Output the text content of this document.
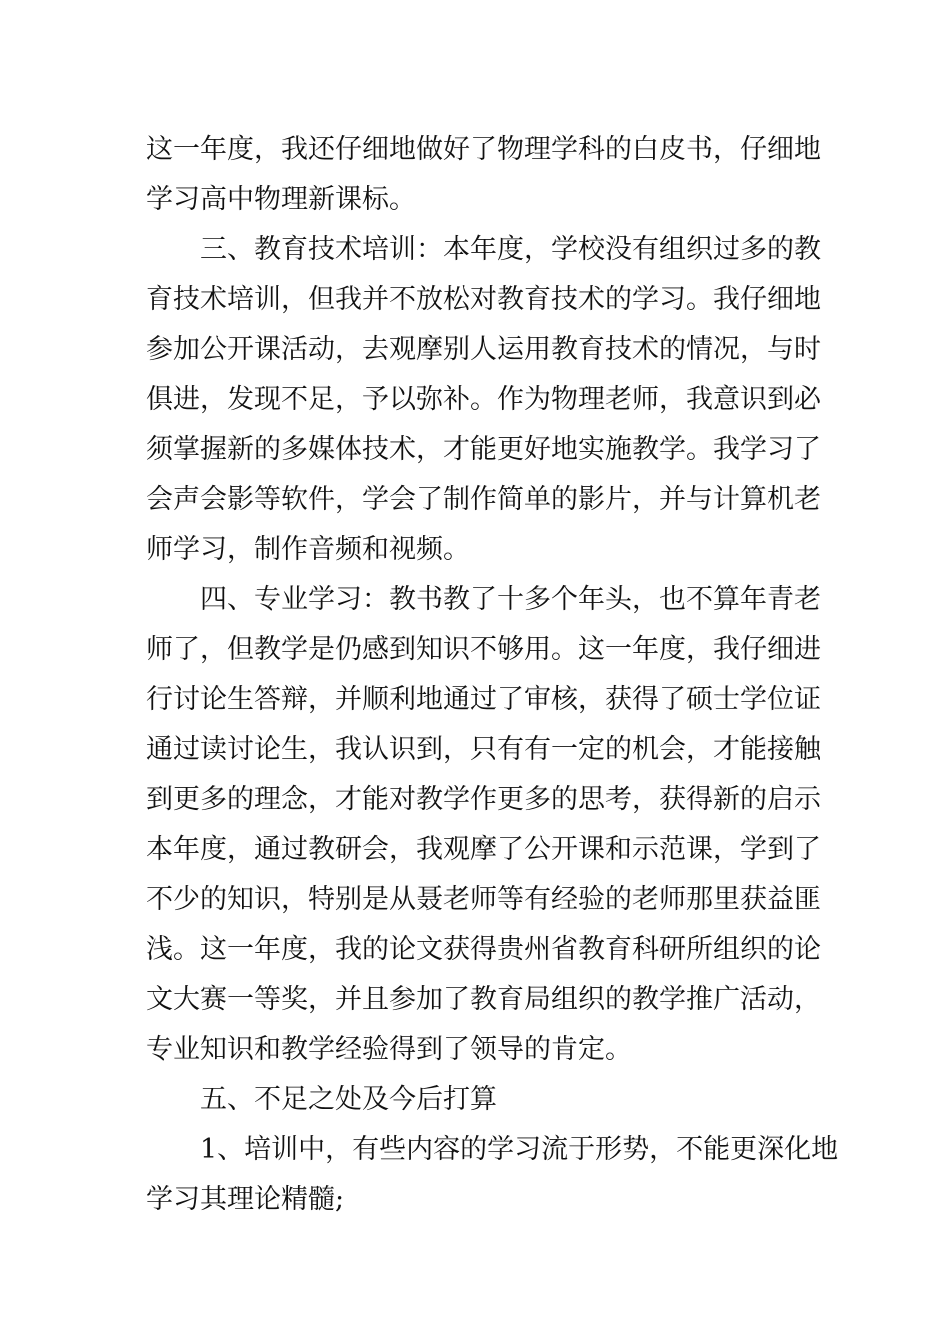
这一年度，我还仔细地做好了物理学科的白皮书，仔细地
学习高中物理新课标。
三、教育技术培训：本年度，学校没有组织过多的教
育技术培训，但我并不放松对教育技术的学习。我仔细地
参加公开课活动，去观摩别人运用教育技术的情况，与时
俱进，发现不足，予以弥补。作为物理老师，我意识到必
须掌握新的多媒体技术，才能更好地实施教学。我学习了
会声会影等软件，学会了制作简单的影片，并与计算机老
师学习，制作音频和视频。
四、专业学习：教书教了十多个年头，也不算年青老
师了，但教学是仍感到知识不够用。这一年度，我仔细进
行讨论生答辩，并顺利地通过了审核，获得了硕士学位证
通过读讨论生，我认识到，只有有一定的机会，才能接触
到更多的理念，才能对教学作更多的思考，获得新的启示
本年度，通过教研会，我观摩了公开课和示范课，学到了
不少的知识，特别是从聂老师等有经验的老师那里获益匪
浅。这一年度，我的论文获得贵州省教育科研所组织的论
文大赛一等奖，并且参加了教育局组织的教学推广活动，
专业知识和教学经验得到了领导的肯定。
五、不足之处及今后打算
1、培训中，有些内容的学习流于形势，不能更深化地
学习其理论精髓;
